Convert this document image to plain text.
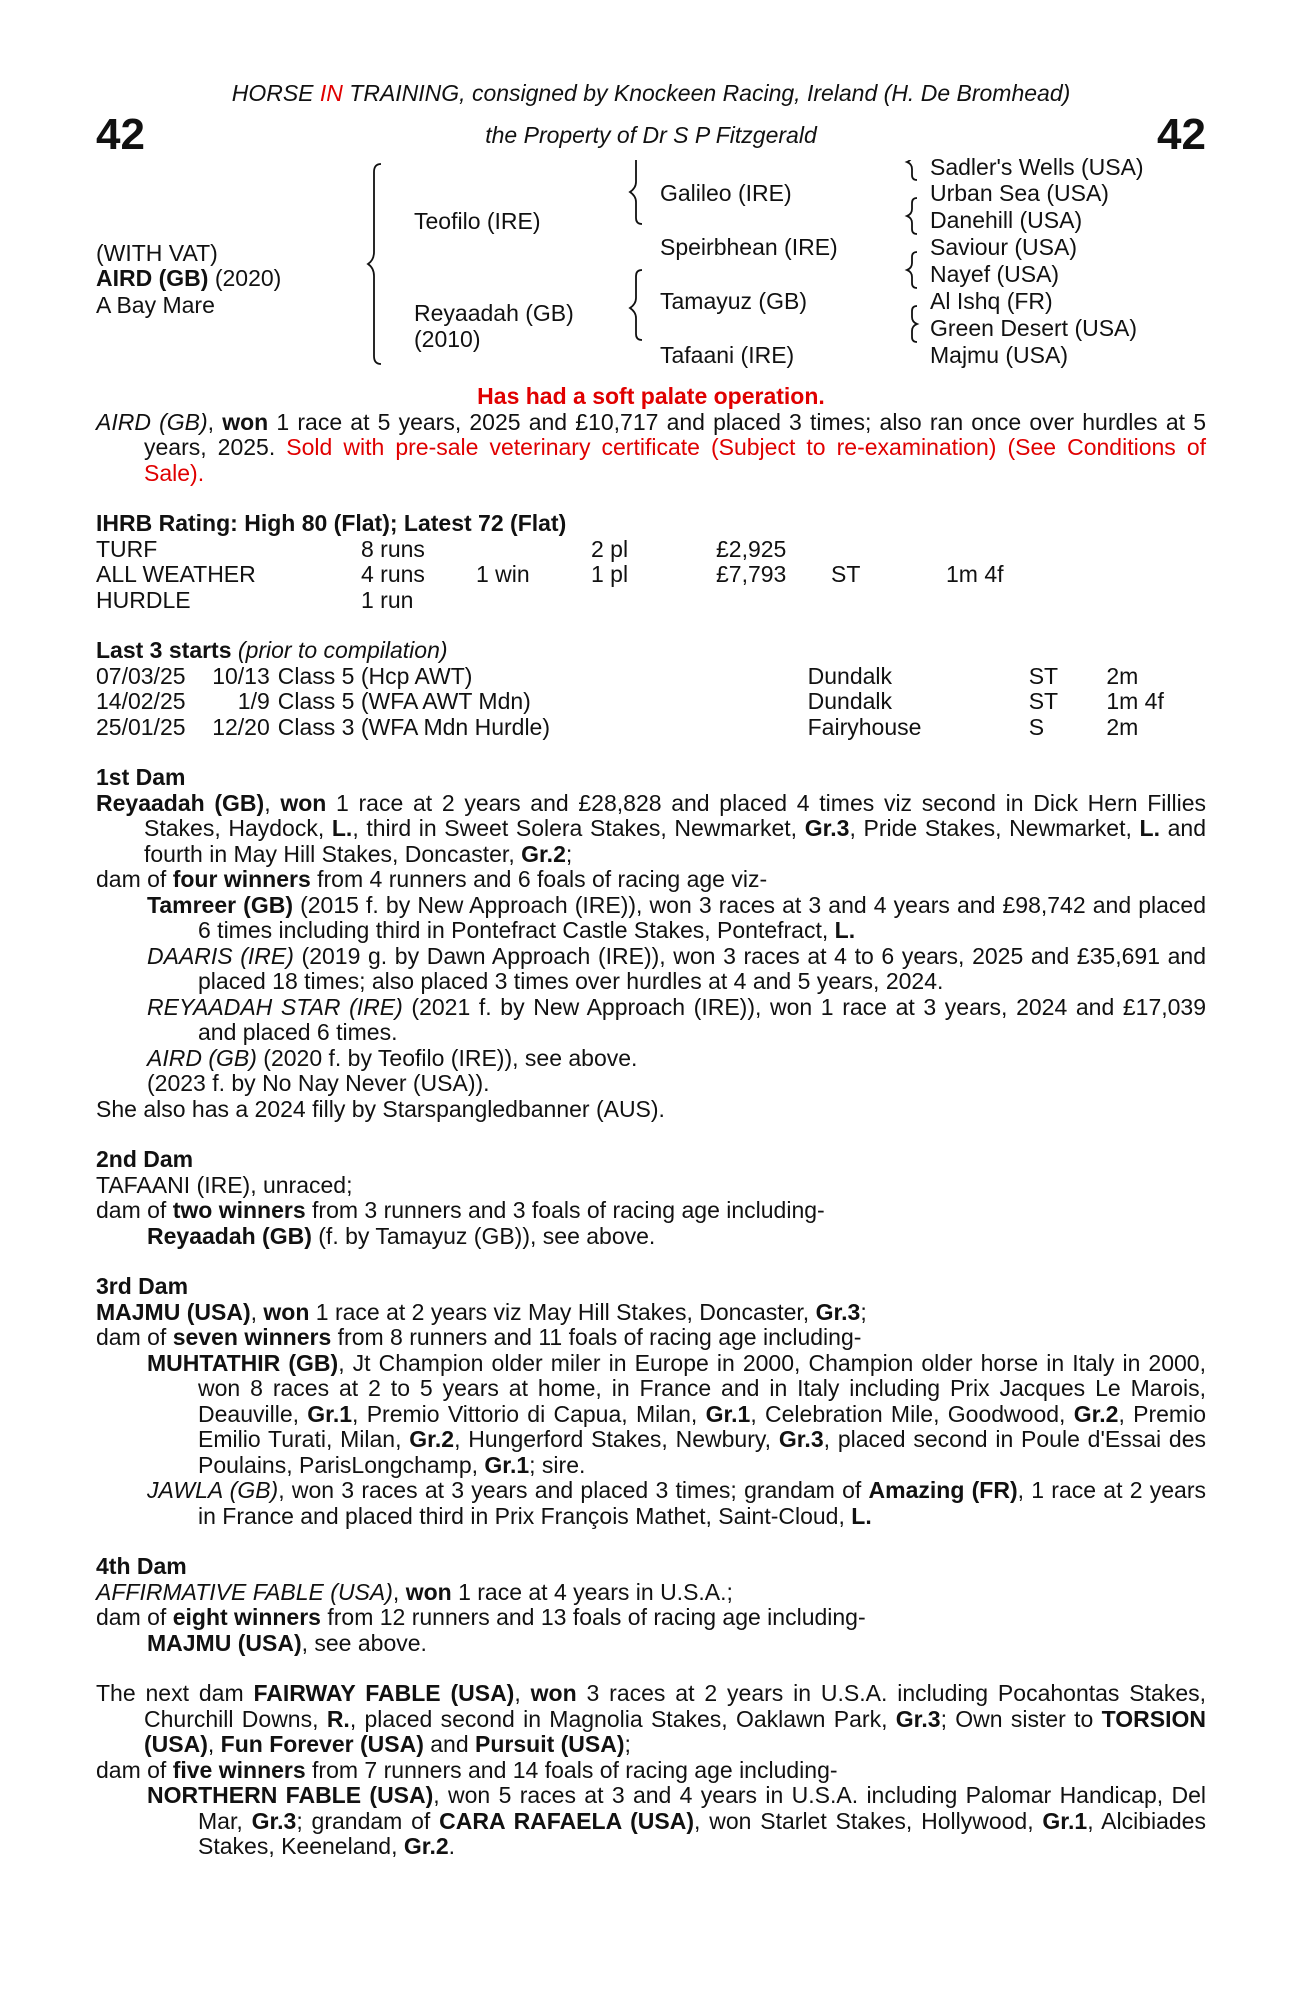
HORSE IN TRAINING, consigned by Knockeen Racing, Ireland (H. De Bromhead)
the Property of Dr S P Fitzgerald
42	42
(WITH VAT)
AIRD (GB) (2020)
A Bay Mare
Teofilo (IRE)
Reyaadah (GB)
(2010)
Galileo (IRE)
Speirbhean (IRE)
Tamayuz (GB)
Tafaani (IRE)
Sadler's Wells (USA)
Urban Sea (USA)
Danehill (USA)
Saviour (USA)
Nayef (USA)
Al Ishq (FR)
Green Desert (USA)
Majmu (USA)
Has had a soft palate operation.

AIRD (GB), won 1 race at 5 years, 2025 and £10,717 and placed 3 times; also ran once over hurdles at 5 years, 2025. Sold with pre-sale veterinary certificate (Subject to re-examination) (See Conditions of Sale).

IHRB Rating: High 80 (Flat); Latest 72 (Flat)
TURF	8 runs		2 pl	£2,925		
ALL WEATHER	4 runs	1 win	1 pl	£7,793	ST	1m 4f
HURDLE	1 run					
Last 3 starts (prior to compilation)
07/03/25	10/13	Class 5 (Hcp AWT)	Dundalk	ST	2m
14/02/25	1/9	Class 5 (WFA AWT Mdn)	Dundalk	ST	1m 4f
25/01/25	12/20	Class 3 (WFA Mdn Hurdle)	Fairyhouse	S	2m
1st Dam

Reyaadah (GB), won 1 race at 2 years and £28,828 and placed 4 times viz second in Dick Hern Fillies Stakes, Haydock, L., third in Sweet Solera Stakes, Newmarket, Gr.3, Pride Stakes, Newmarket, L. and fourth in May Hill Stakes, Doncaster, Gr.2;

dam of four winners from 4 runners and 6 foals of racing age viz-

Tamreer (GB) (2015 f. by New Approach (IRE)), won 3 races at 3 and 4 years and £98,742 and placed 6 times including third in Pontefract Castle Stakes, Pontefract, L.

DAARIS (IRE) (2019 g. by Dawn Approach (IRE)), won 3 races at 4 to 6 years, 2025 and £35,691 and placed 18 times; also placed 3 times over hurdles at 4 and 5 years, 2024.

REYAADAH STAR (IRE) (2021 f. by New Approach (IRE)), won 1 race at 3 years, 2024 and £17,039 and placed 6 times.

AIRD (GB) (2020 f. by Teofilo (IRE)), see above.

(2023 f. by No Nay Never (USA)).

She also has a 2024 filly by Starspangledbanner (AUS).

2nd Dam

TAFAANI (IRE), unraced;

dam of two winners from 3 runners and 3 foals of racing age including-

Reyaadah (GB) (f. by Tamayuz (GB)), see above.

3rd Dam

MAJMU (USA), won 1 race at 2 years viz May Hill Stakes, Doncaster, Gr.3;

dam of seven winners from 8 runners and 11 foals of racing age including-

MUHTATHIR (GB), Jt Champion older miler in Europe in 2000, Champion older horse in Italy in 2000, won 8 races at 2 to 5 years at home, in France and in Italy including Prix Jacques Le Marois, Deauville, Gr.1, Premio Vittorio di Capua, Milan, Gr.1, Celebration Mile, Goodwood, Gr.2, Premio Emilio Turati, Milan, Gr.2, Hungerford Stakes, Newbury, Gr.3, placed second in Poule d'Essai des Poulains, ParisLongchamp, Gr.1; sire.

JAWLA (GB), won 3 races at 3 years and placed 3 times; grandam of Amazing (FR), 1 race at 2 years in France and placed third in Prix François Mathet, Saint-Cloud, L.

4th Dam

AFFIRMATIVE FABLE (USA), won 1 race at 4 years in U.S.A.;

dam of eight winners from 12 runners and 13 foals of racing age including-

MAJMU (USA), see above.

The next dam FAIRWAY FABLE (USA), won 3 races at 2 years in U.S.A. including Pocahontas Stakes, Churchill Downs, R., placed second in Magnolia Stakes, Oaklawn Park, Gr.3; Own sister to TORSION (USA), Fun Forever (USA) and Pursuit (USA);

dam of five winners from 7 runners and 14 foals of racing age including-

NORTHERN FABLE (USA), won 5 races at 3 and 4 years in U.S.A. including Palomar Handicap, Del Mar, Gr.3; grandam of CARA RAFAELA (USA), won Starlet Stakes, Hollywood, Gr.1, Alcibiades Stakes, Keeneland, Gr.2.
